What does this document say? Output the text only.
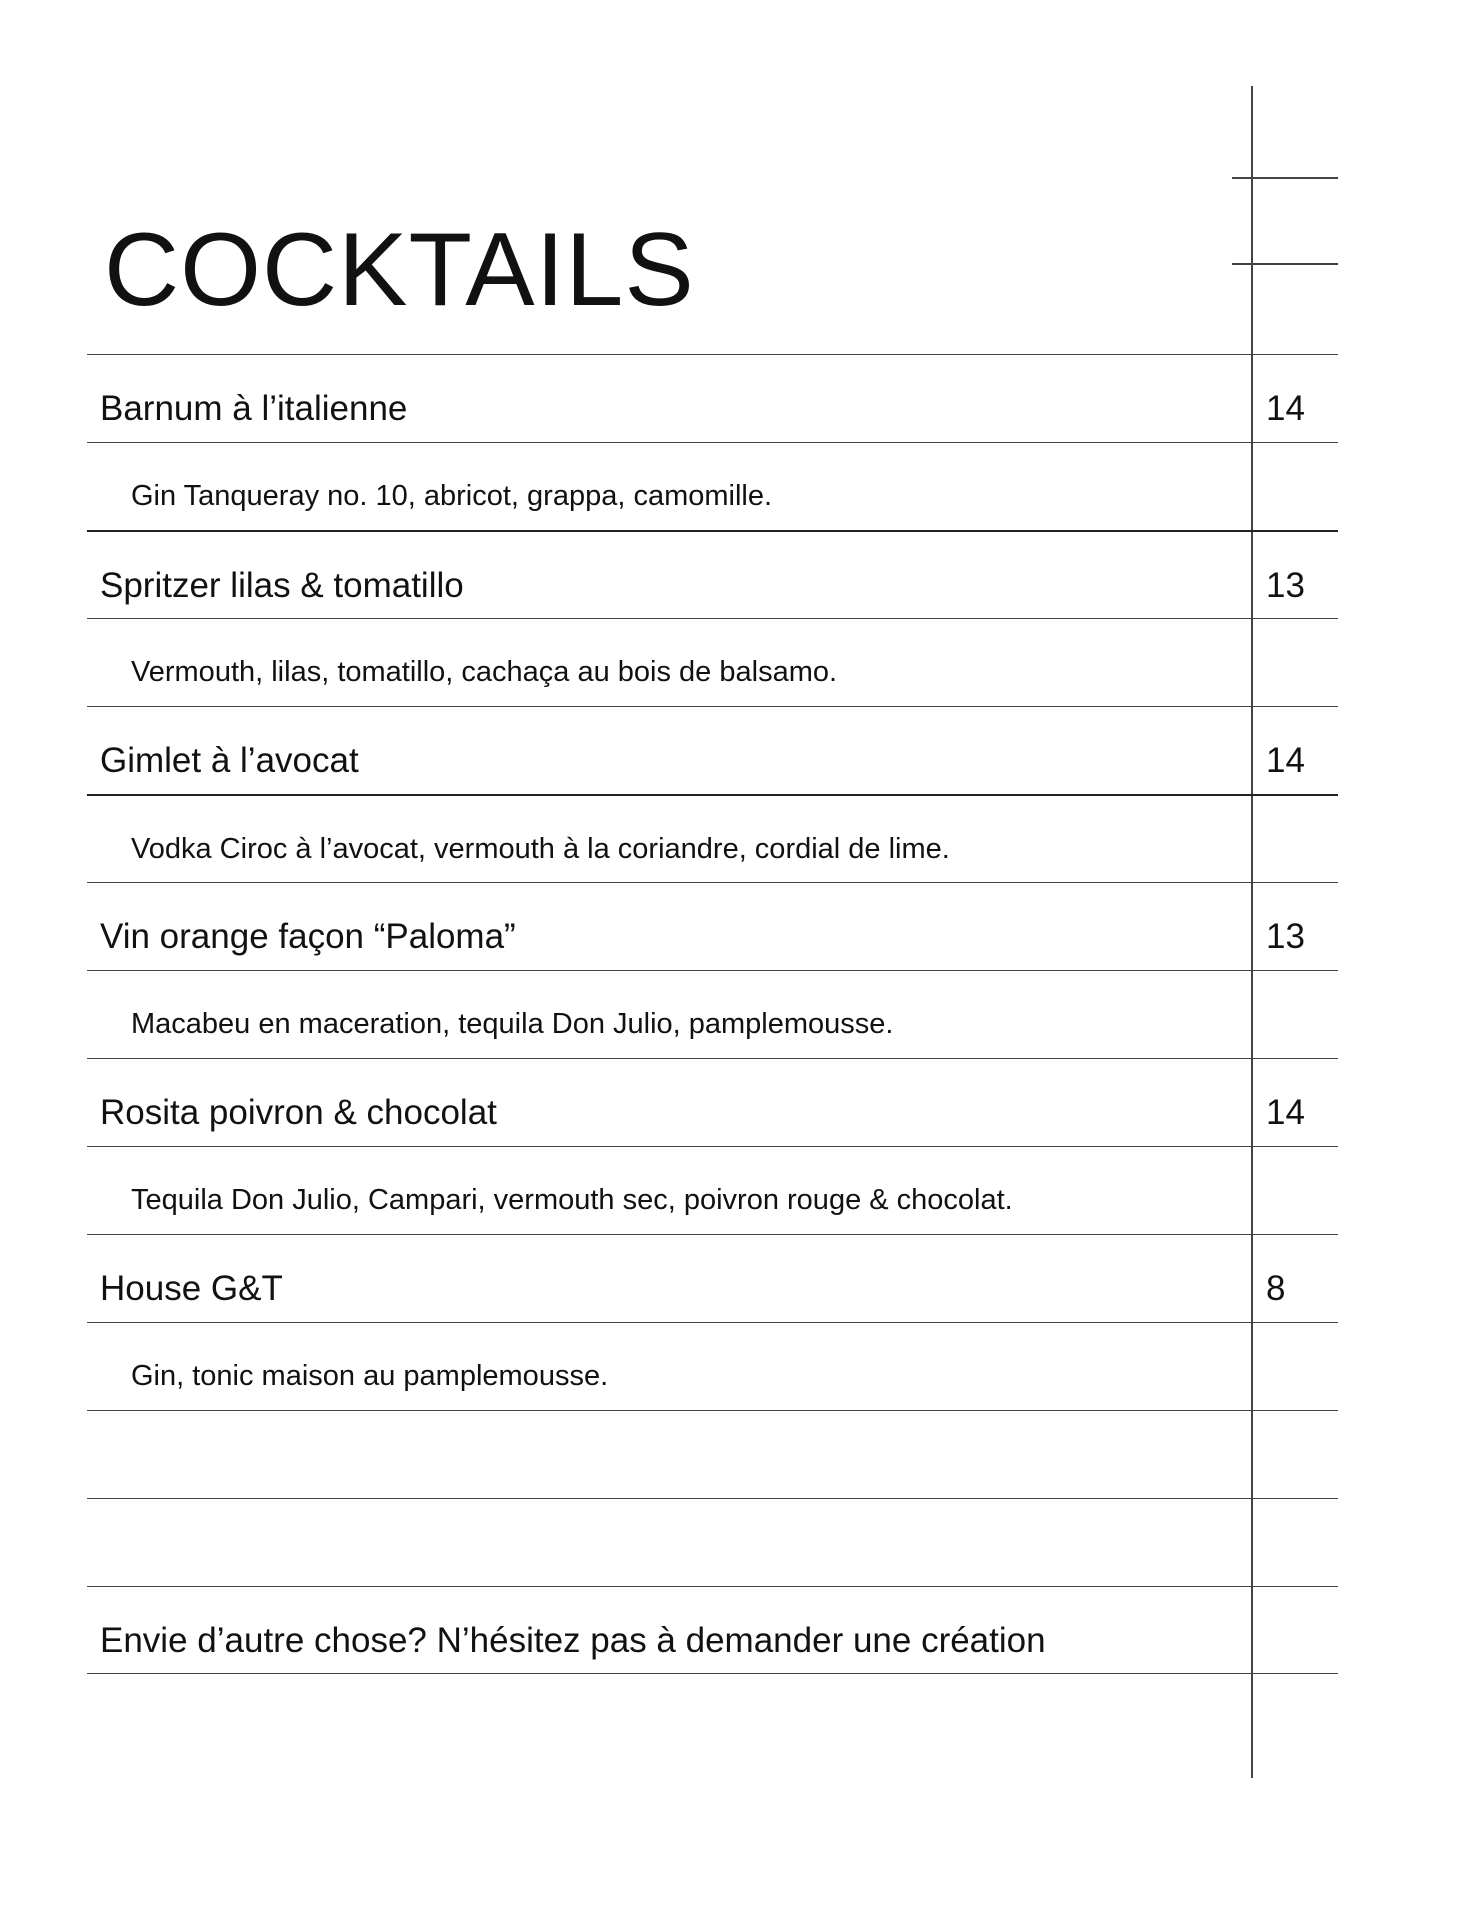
COCKTAILS
Barnum à l’italienne	14
Gin Tanqueray no. 10, abricot, grappa, camomille.
Spritzer lilas & tomatillo	13
Vermouth, lilas, tomatillo, cachaça au bois de balsamo.
Gimlet à l’avocat	14
Vodka Ciroc à l’avocat, vermouth à la coriandre, cordial de lime.
Vin orange façon “Paloma”	13
Macabeu en maceration, tequila Don Julio, pamplemousse.
Rosita poivron & chocolat	14
Tequila Don Julio, Campari, vermouth sec, poivron rouge & chocolat.
House G&T	8
Gin, tonic maison au pamplemousse.
Envie d’autre chose? N’hésitez pas à demander une création
